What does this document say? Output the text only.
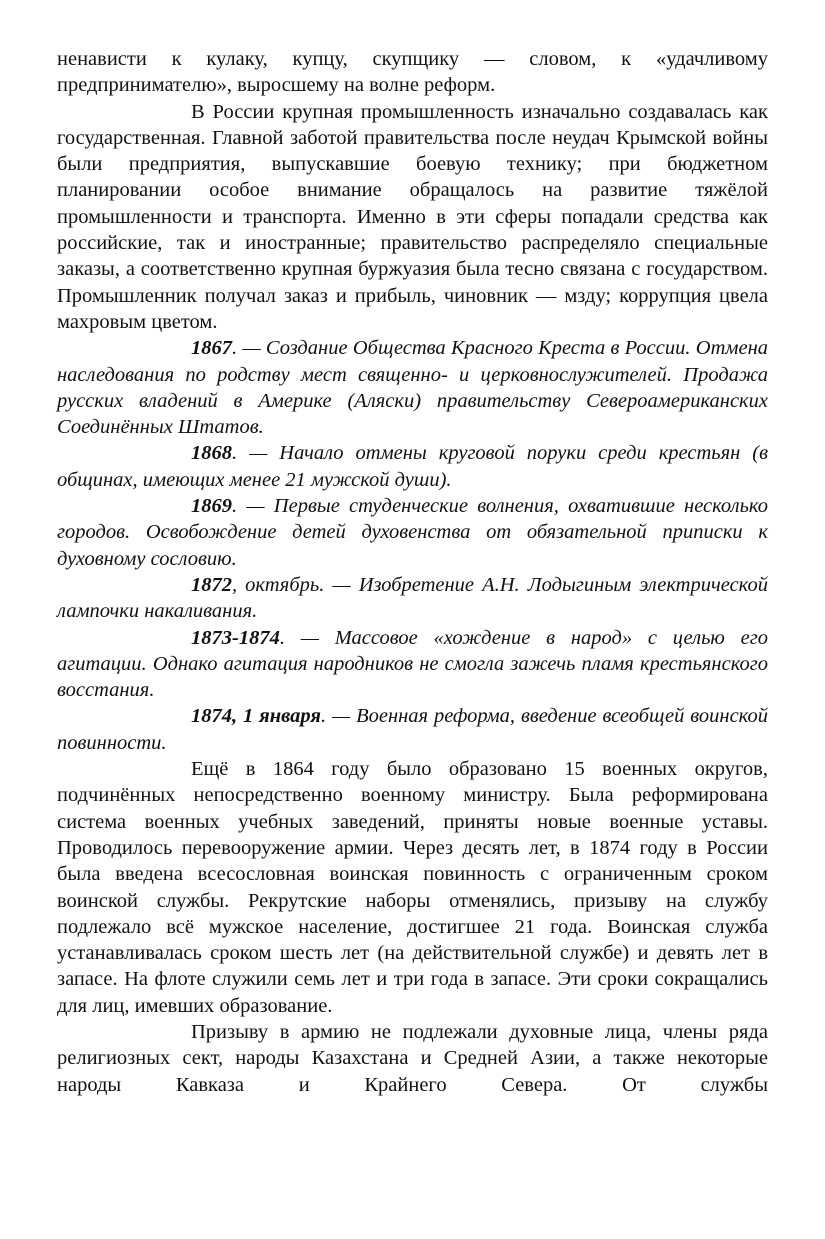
ненависти к кулаку, купцу, скупщику — словом, к «удачливому предпринимателю», выросшему на волне реформ.

В России крупная промышленность изначально создавалась как государственная. Главной заботой правительства после неудач Крымской войны были предприятия, выпускавшие боевую технику; при бюджетном планировании особое внимание обращалось на развитие тяжёлой промышленности и транспорта. Именно в эти сферы попадали средства как российские, так и иностранные; правительство распределяло специальные заказы, а соответственно крупная буржуазия была тесно связана с государством. Промышленник получал заказ и прибыль, чиновник — мзду; коррупция цвела махровым цветом.

1867. — Создание Общества Красного Креста в России. Отмена наследования по родству мест священно- и церковнослужителей. Продажа русских владений в Америке (Аляски) правительству Североамериканских Соединённых Штатов.

1868. — Начало отмены круговой поруки среди крестьян (в общинах, имеющих менее 21 мужской души).

1869. — Первые студенческие волнения, охватившие несколько городов. Освобождение детей духовенства от обязательной приписки к духовному сословию.

1872, октябрь. — Изобретение А.Н. Лодыгиным электрической лампочки накаливания.

1873-1874. — Массовое «хождение в народ» с целью его агитации. Однако агитация народников не смогла зажечь пламя крестьянского восстания.

1874, 1 января. — Военная реформа, введение всеобщей воинской повинности.

Ещё в 1864 году было образовано 15 военных округов, подчинённых непосредственно военному министру. Была реформирована система военных учебных заведений, приняты новые военные уставы. Проводилось перевооружение армии. Через десять лет, в 1874 году в России была введена всесословная воинская повинность с ограниченным сроком воинской службы. Рекрутские наборы отменялись, призыву на службу подлежало всё мужское население, достигшее 21 года. Воинская служба устанавливалась сроком шесть лет (на действительной службе) и девять лет в запасе. На флоте служили семь лет и три года в запасе. Эти сроки сокращались для лиц, имевших образование.

Призыву в армию не подлежали духовные лица, члены ряда религиозных сект, народы Казахстана и Средней Азии, а также некоторые народы Кавказа и Крайнего Севера. От службы
